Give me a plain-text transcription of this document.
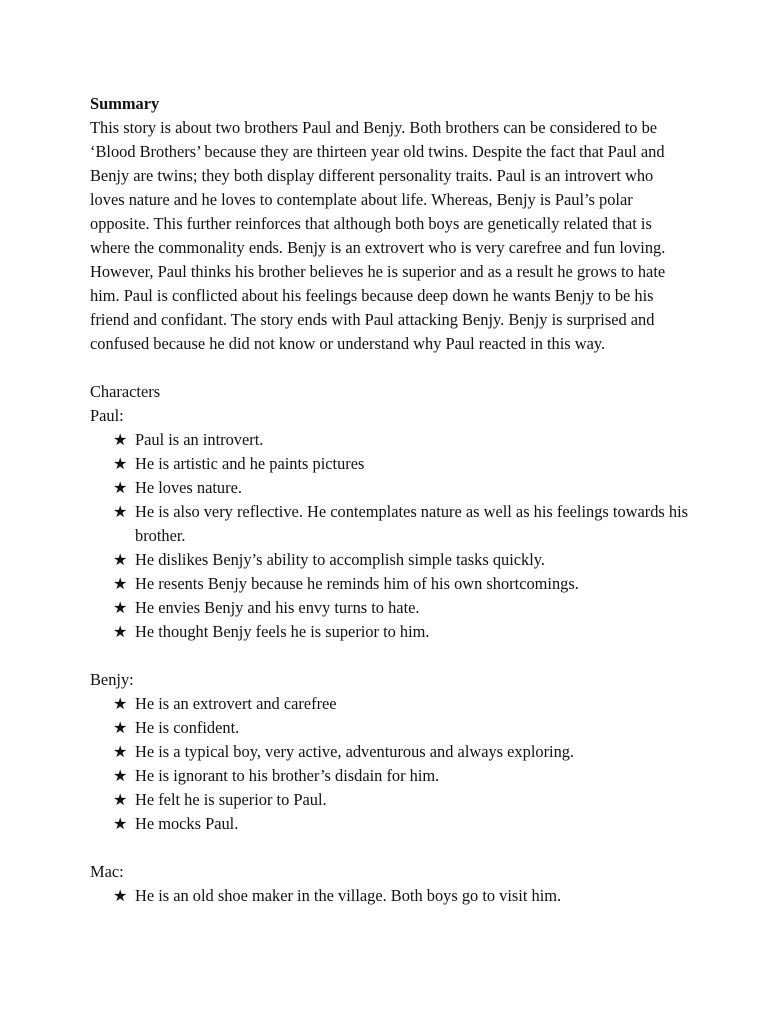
Summary

This story is about two brothers Paul and Benjy. Both brothers can be considered to be ‘Blood Brothers’ because they are thirteen year old twins. Despite the fact that Paul and Benjy are twins; they both display different personality traits. Paul is an introvert who loves nature and he loves to contemplate about life. Whereas, Benjy is Paul’s polar opposite. This further reinforces that although both boys are genetically related that is where the commonality ends. Benjy is an extrovert who is very carefree and fun loving. However, Paul thinks his brother believes he is superior and as a result he grows to hate him. Paul is conflicted about his feelings because deep down he wants Benjy to be his friend and confidant. The story ends with Paul attacking Benjy. Benjy is surprised and confused because he did not know or understand why Paul reacted in this way.

Characters

Paul:

★ Paul is an introvert.
★ He is artistic and he paints pictures
★ He loves nature.
★ He is also very reflective. He contemplates nature as well as his feelings towards his brother.
★ He dislikes Benjy’s ability to accomplish simple tasks quickly.
★ He resents Benjy because he reminds him of his own shortcomings.
★ He envies Benjy and his envy turns to hate.
★ He thought Benjy feels he is superior to him.

Benjy:

★ He is an extrovert and carefree
★ He is confident.
★ He is a typical boy, very active, adventurous and always exploring.
★ He is ignorant to his brother’s disdain for him.
★ He felt he is superior to Paul.
★ He mocks Paul.

Mac:

★ He is an old shoe maker in the village. Both boys go to visit him.
